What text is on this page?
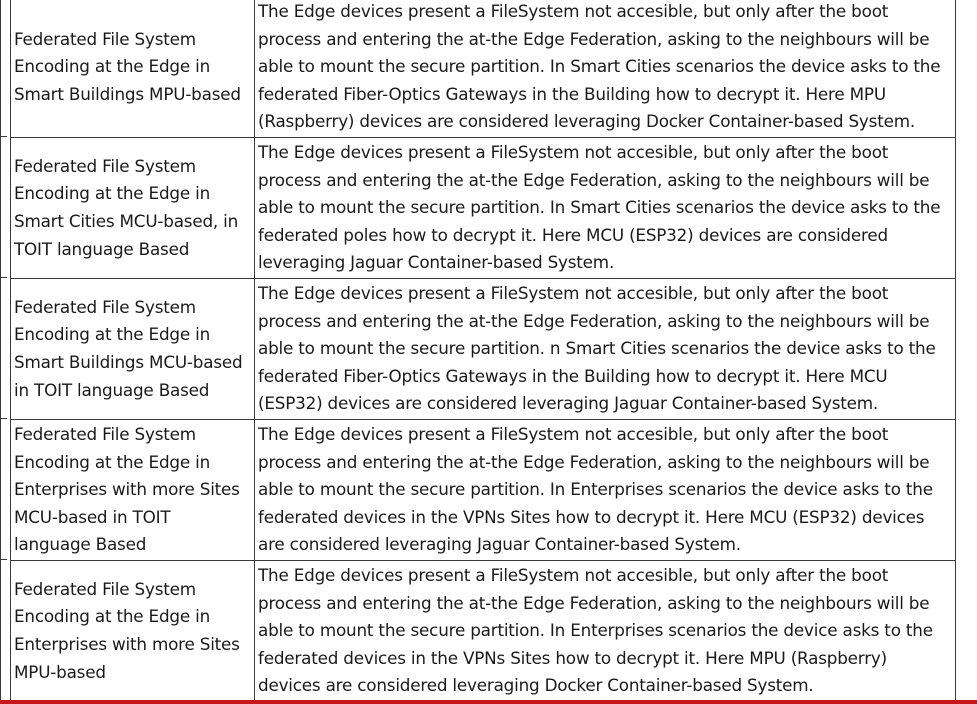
Federated File System Encoding at the Edge in Smart Buildings MPU-based	The Edge devices present a FileSystem not accesible, but only after the boot process and entering the at-the Edge Federation, asking to the neighbours will be able to mount the secure partition. In Smart Cities scenarios the device asks to the federated Fiber-Optics Gateways in the Building how to decrypt it. Here MPU (Raspberry) devices are considered leveraging Docker Container-based System.
Federated File System Encoding at the Edge in Smart Cities MCU-based, in TOIT language Based	The Edge devices present a FileSystem not accesible, but only after the boot process and entering the at-the Edge Federation, asking to the neighbours will be able to mount the secure partition. In Smart Cities scenarios the device asks to the federated poles how to decrypt it. Here MCU (ESP32) devices are considered leveraging Jaguar Container-based System.
Federated File System Encoding at the Edge in Smart Buildings MCU-based in TOIT language Based	The Edge devices present a FileSystem not accesible, but only after the boot process and entering the at-the Edge Federation, asking to the neighbours will be able to mount the secure partition. n Smart Cities scenarios the device asks to the federated Fiber-Optics Gateways in the Building how to decrypt it. Here MCU (ESP32) devices are considered leveraging Jaguar Container-based System.
Federated File System Encoding at the Edge in Enterprises with more Sites MCU-based in TOIT language Based	The Edge devices present a FileSystem not accesible, but only after the boot process and entering the at-the Edge Federation, asking to the neighbours will be able to mount the secure partition. In Enterprises scenarios the device asks to the federated devices in the VPNs Sites how to decrypt it. Here MCU (ESP32) devices are considered leveraging Jaguar Container-based System.
Federated File System Encoding at the Edge in Enterprises with more Sites MPU-based	The Edge devices present a FileSystem not accesible, but only after the boot process and entering the at-the Edge Federation, asking to the neighbours will be able to mount the secure partition. In Enterprises scenarios the device asks to the federated devices in the VPNs Sites how to decrypt it. Here MPU (Raspberry) devices are considered leveraging Docker Container-based System.
